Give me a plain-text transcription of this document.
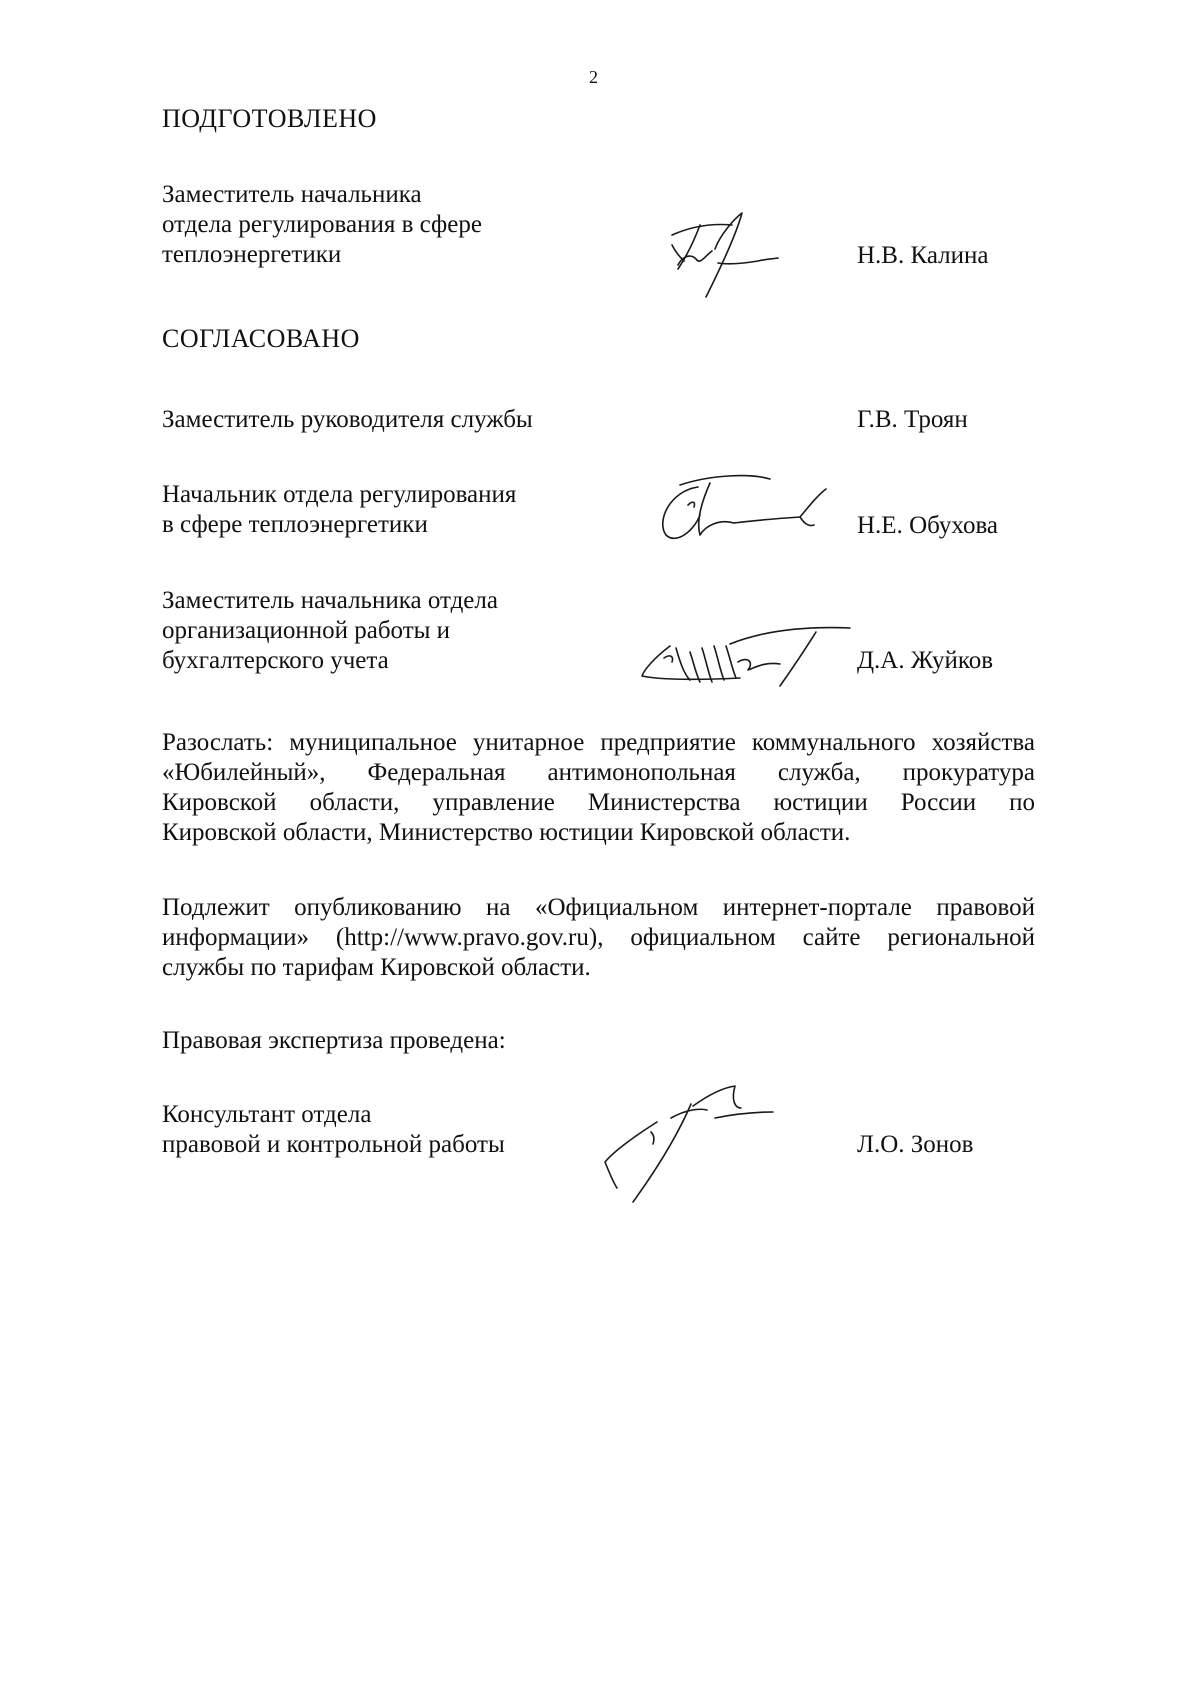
2
ПОДГОТОВЛЕНО
Заместитель начальника
отдела регулирования в сфере
теплоэнергетики	Н.В. Калина
СОГЛАСОВАНО
Заместитель руководителя службы	Г.В. Троян
Начальник отдела регулирования
в сфере теплоэнергетики	Н.Е. Обухова
Заместитель начальника отдела
организационной работы и
бухгалтерского учета	Д.А. Жуйков
Разослать: муниципальное унитарное предприятие коммунального хозяйства
«Юбилейный», Федеральная антимонопольная служба, прокуратура
Кировской области, управление Министерства юстиции России по
Кировской области, Министерство юстиции Кировской области.
Подлежит опубликованию на «Официальном интернет-портале правовой
информации» (http://www.pravo.gov.ru), официальном сайте региональной
службы по тарифам Кировской области.
Правовая экспертиза проведена:
Консультант отдела
правовой и контрольной работы	Л.О. Зонов
